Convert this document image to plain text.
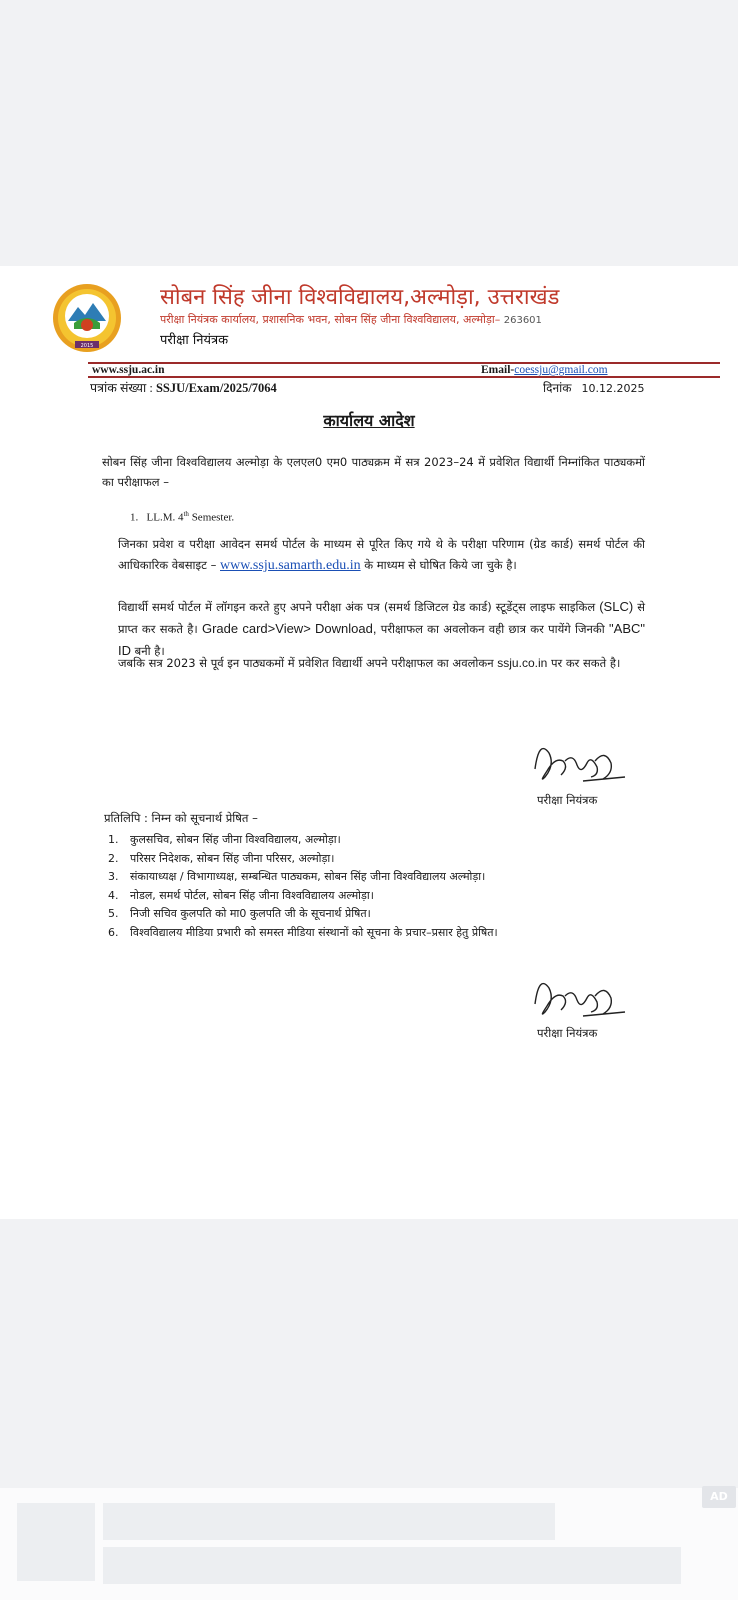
2015
सोबन सिंह जीना विश्वविद्यालय,अल्मोड़ा, उत्तराखंड
परीक्षा नियंत्रक कार्यालय, प्रशासनिक भवन, सोबन सिंह जीना विश्वविद्यालय, अल्मोड़ा– 263601
परीक्षा नियंत्रक
www.ssju.ac.in	Email-coessju@gmail.com
पत्रांक संख्या : SSJU/Exam/2025/7064	दिनांक 10.12.2025
कार्यालय आदेश
सोबन सिंह जीना विश्वविद्यालय अल्मोड़ा के एलएल0 एम0 पाठ्यक्रम में सत्र 2023–24 में प्रवेशित विद्यार्थी निम्नांकित पाठ्यकमों का परीक्षाफल –
1. LL.M. 4th Semester.
जिनका प्रवेश व परीक्षा आवेदन समर्थ पोर्टल के माध्यम से पूरित किए गये थे के परीक्षा परिणाम (ग्रेड कार्ड) समर्थ पोर्टल की आधिकारिक वेबसाइट – www.ssju.samarth.edu.in के माध्यम से घोषित किये जा चुके है।
विद्यार्थी समर्थ पोर्टल में लॉगइन करते हुए अपने परीक्षा अंक पत्र (समर्थ डिजिटल ग्रेड कार्ड) स्टूडेंट्स लाइफ साइकिल (SLC) से प्राप्त कर सकते है। Grade card>View> Download, परीक्षाफल का अवलोकन वही छात्र कर पायेंगे जिनकी "ABC" ID बनी है।
जबकि सत्र 2023 से पूर्व इन पाठ्यकमों में प्रवेशित विद्यार्थी अपने परीक्षाफल का अवलोकन ssju.co.in पर कर सकते है।
परीक्षा नियंत्रक
प्रतिलिपि : निम्न को सूचनार्थ प्रेषित –
1. कुलसचिव, सोबन सिंह जीना विश्वविद्यालय, अल्मोड़ा।
2. परिसर निदेशक, सोबन सिंह जीना परिसर, अल्मोड़ा।
3. संकायाध्यक्ष / विभागाध्यक्ष, सम्बन्धित पाठ्यकम, सोबन सिंह जीना विश्वविद्यालय अल्मोड़ा।
4. नोडल, समर्थ पोर्टल, सोबन सिंह जीना विश्वविद्यालय अल्मोड़ा।
5. निजी सचिव कुलपति को मा0 कुलपति जी के सूचनार्थ प्रेषित।
6. विश्वविद्यालय मीडिया प्रभारी को समस्त मीडिया संस्थानों को सूचना के प्रचार–प्रसार हेतु प्रेषित।
परीक्षा नियंत्रक
AD
